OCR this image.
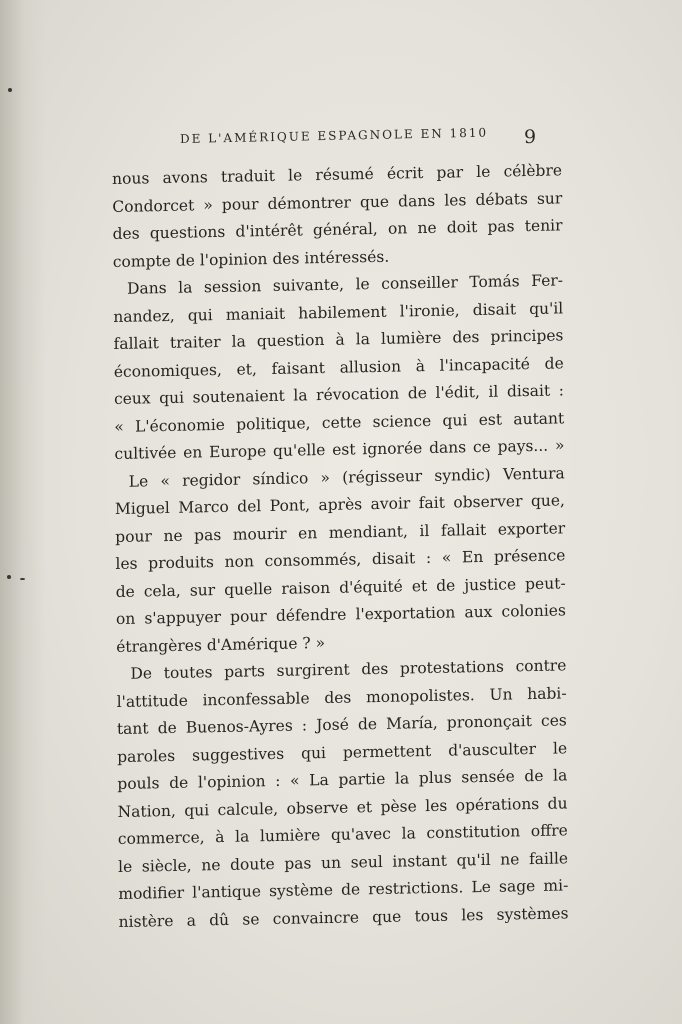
DE L'AMÉRIQUE ESPAGNOLE EN 1810 9
nous avons traduit le résumé écrit par le célèbre
Condorcet » pour démontrer que dans les débats sur
des questions d'intérêt général, on ne doit pas tenir
compte de l'opinion des intéressés.
Dans la session suivante, le conseiller Tomás Fer-
nandez, qui maniait habilement l'ironie, disait qu'il
fallait traiter la question à la lumière des principes
économiques, et, faisant allusion à l'incapacité de
ceux qui soutenaient la révocation de l'édit, il disait :
« L'économie politique, cette science qui est autant
cultivée en Europe qu'elle est ignorée dans ce pays... »
Le « regidor síndico » (régisseur syndic) Ventura
Miguel Marco del Pont, après avoir fait observer que,
pour ne pas mourir en mendiant, il fallait exporter
les produits non consommés, disait : « En présence
de cela, sur quelle raison d'équité et de justice peut-
on s'appuyer pour défendre l'exportation aux colonies
étrangères d'Amérique ? »
De toutes parts surgirent des protestations contre
l'attitude inconfessable des monopolistes. Un habi-
tant de Buenos-Ayres : José de María, prononçait ces
paroles suggestives qui permettent d'ausculter le
pouls de l'opinion : « La partie la plus sensée de la
Nation, qui calcule, observe et pèse les opérations du
commerce, à la lumière qu'avec la constitution offre
le siècle, ne doute pas un seul instant qu'il ne faille
modifier l'antique système de restrictions. Le sage mi-
nistère a dû se convaincre que tous les systèmes
